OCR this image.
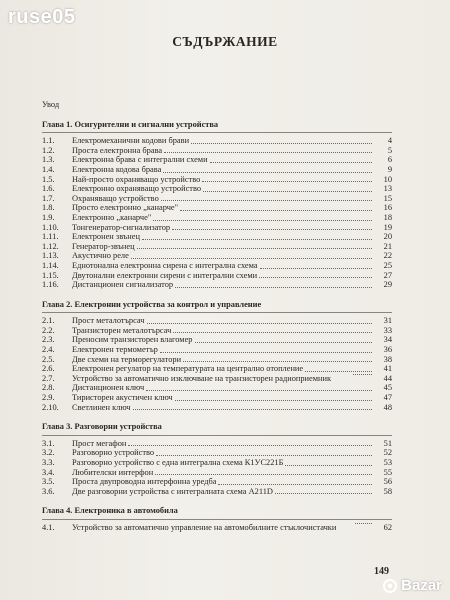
ruse05
СЪДЪРЖАНИЕ
Увод
Глава 1. Осигурителни и сигнални устройства
1.1.	Електромеханични кодови брави	4
1.2.	Проста електронна брава	5
1.3.	Електронна брава с интегрални схеми	6
1.4.	Електронна кодова брава	9
1.5.	Най-просто охраняващо устройство	10
1.6.	Електронно охраняващо устройство	13
1.7.	Охраняващо устройство	15
1.8.	Просто електронно „канарче"	16
1.9.	Електронно „канарче"	18
1.10.	Тонгенератор-сигнализатор	19
1.11.	Електронен звънец	20
1.12.	Генератор-звънец	21
1.13.	Акустично реле	22
1.14.	Еднотонална електронна сирена с интегрална схема	25
1.15.	Двутонални електронни сирени с интегрални схеми	27
1.16.	Дистанционен сигнализатор	29
Глава 2. Електронни устройства за контрол и управление
2.1.	Прост металотърсач	31
2.2.	Транзисторен металотърсач	33
2.3.	Преносим транзисторен влагомер	34
2.4.	Електронен термометър	36
2.5.	Две схеми на терморегулатори	38
2.6.	Електронен регулатор на температурата на централно отопление	41
2.7.	Устройство за автоматично изключване на транзисторен радиоприемник	44
2.8.	Дистанционен ключ	45
2.9.	Тиристорен акустичен ключ	47
2.10.	Светлинен ключ	48
Глава 3. Разговорни устройства
3.1.	Прост мегафон	51
3.2.	Разговорно устройство	52
3.3.	Разговорно устройство с една интегрална схема К1УС221Б	53
3.4.	Любителски интерфон	55
3.5.	Проста двупроводна интерфонна уредба	56
3.6.	Две разговорни устройства с интегралната схема А211D	58
Глава 4. Електроника в автомобила
4.1.	Устройство за автоматично управление на автомобилните стъклочистачки	62
149
Bazar
